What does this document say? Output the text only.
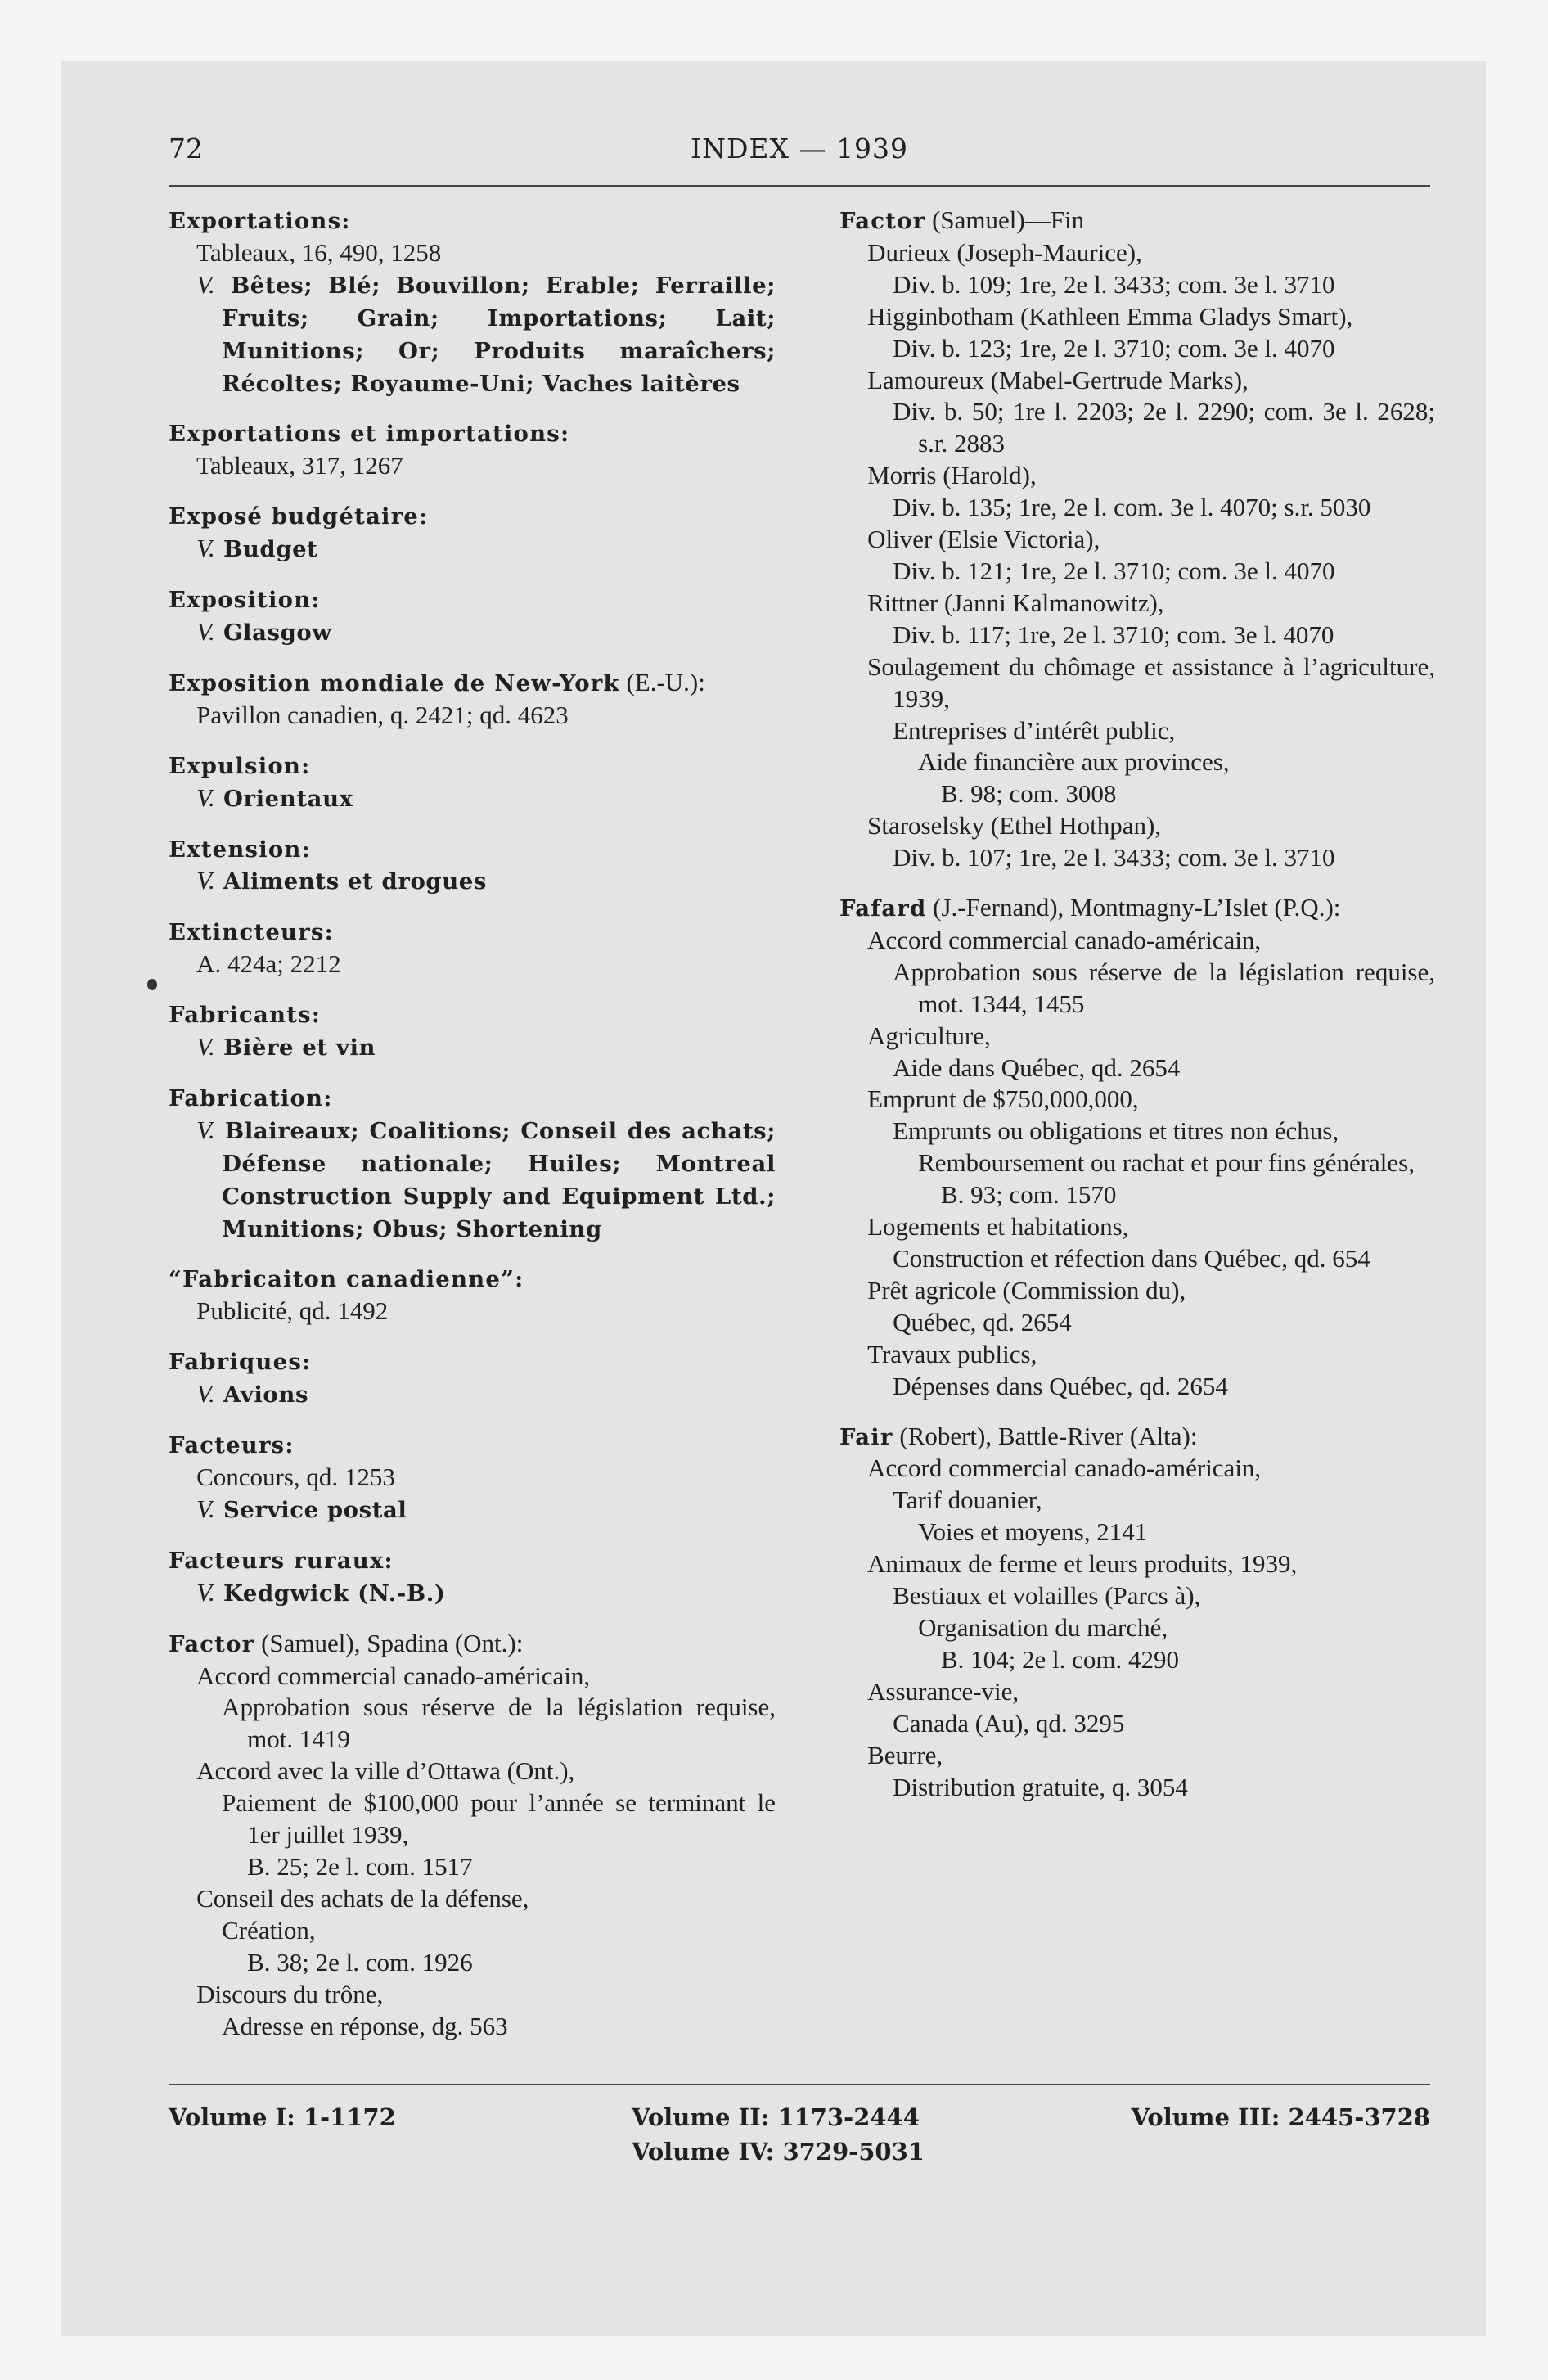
72	INDEX — 1939
Exportations:
Tableaux, 16, 490, 1258
V. Bêtes; Blé; Bouvillon; Erable; Ferraille; Fruits; Grain; Importations; Lait; Munitions; Or; Produits maraîchers; Récoltes; Royaume-Uni; Vaches laitères
Exportations et importations:
Tableaux, 317, 1267
Exposé budgétaire:
V. Budget
Exposition:
V. Glasgow
Exposition mondiale de New-York (E.-U.):
Pavillon canadien, q. 2421; qd. 4623
Expulsion:
V. Orientaux
Extension:
V. Aliments et drogues
Extincteurs:
A. 424a; 2212
Fabricants:
V. Bière et vin
Fabrication:
V. Blaireaux; Coalitions; Conseil des achats; Défense nationale; Huiles; Montreal Construction Supply and Equipment Ltd.; Munitions; Obus; Shortening
“Fabricaiton canadienne”:
Publicité, qd. 1492
Fabriques:
V. Avions
Facteurs:
Concours, qd. 1253
V. Service postal
Facteurs ruraux:
V. Kedgwick (N.-B.)
Factor (Samuel), Spadina (Ont.):
Accord commercial canado-américain,
Approbation sous réserve de la législation requise, mot. 1419
Accord avec la ville d’Ottawa (Ont.),
Paiement de $100,000 pour l’année se terminant le 1er juillet 1939,
B. 25; 2e l. com. 1517
Conseil des achats de la défense,
Création,
B. 38; 2e l. com. 1926
Discours du trône,
Adresse en réponse, dg. 563
Factor (Samuel)—Fin
Durieux (Joseph-Maurice),
Div. b. 109; 1re, 2e l. 3433; com. 3e l. 3710
Higginbotham (Kathleen Emma Gladys Smart),
Div. b. 123; 1re, 2e l. 3710; com. 3e l. 4070
Lamoureux (Mabel-Gertrude Marks),
Div. b. 50; 1re l. 2203; 2e l. 2290; com. 3e l. 2628; s.r. 2883
Morris (Harold),
Div. b. 135; 1re, 2e l. com. 3e l. 4070; s.r. 5030
Oliver (Elsie Victoria),
Div. b. 121; 1re, 2e l. 3710; com. 3e l. 4070
Rittner (Janni Kalmanowitz),
Div. b. 117; 1re, 2e l. 3710; com. 3e l. 4070
Soulagement du chômage et assistance à l’agriculture, 1939,
Entreprises d’intérêt public,
Aide financière aux provinces,
B. 98; com. 3008
Staroselsky (Ethel Hothpan),
Div. b. 107; 1re, 2e l. 3433; com. 3e l. 3710
Fafard (J.-Fernand), Montmagny-L’Islet (P.Q.):
Accord commercial canado-américain,
Approbation sous réserve de la législation requise, mot. 1344, 1455
Agriculture,
Aide dans Québec, qd. 2654
Emprunt de $750,000,000,
Emprunts ou obligations et titres non échus,
Remboursement ou rachat et pour fins générales,
B. 93; com. 1570
Logements et habitations,
Construction et réfection dans Québec, qd. 654
Prêt agricole (Commission du),
Québec, qd. 2654
Travaux publics,
Dépenses dans Québec, qd. 2654
Fair (Robert), Battle-River (Alta):
Accord commercial canado-américain,
Tarif douanier,
Voies et moyens, 2141
Animaux de ferme et leurs produits, 1939,
Bestiaux et volailles (Parcs à),
Organisation du marché,
B. 104; 2e l. com. 4290
Assurance-vie,
Canada (Au), qd. 3295
Beurre,
Distribution gratuite, q. 3054
Volume I: 1-1172	Volume II: 1173-2444
Volume IV: 3729-5031
Volume III: 2445-3728
